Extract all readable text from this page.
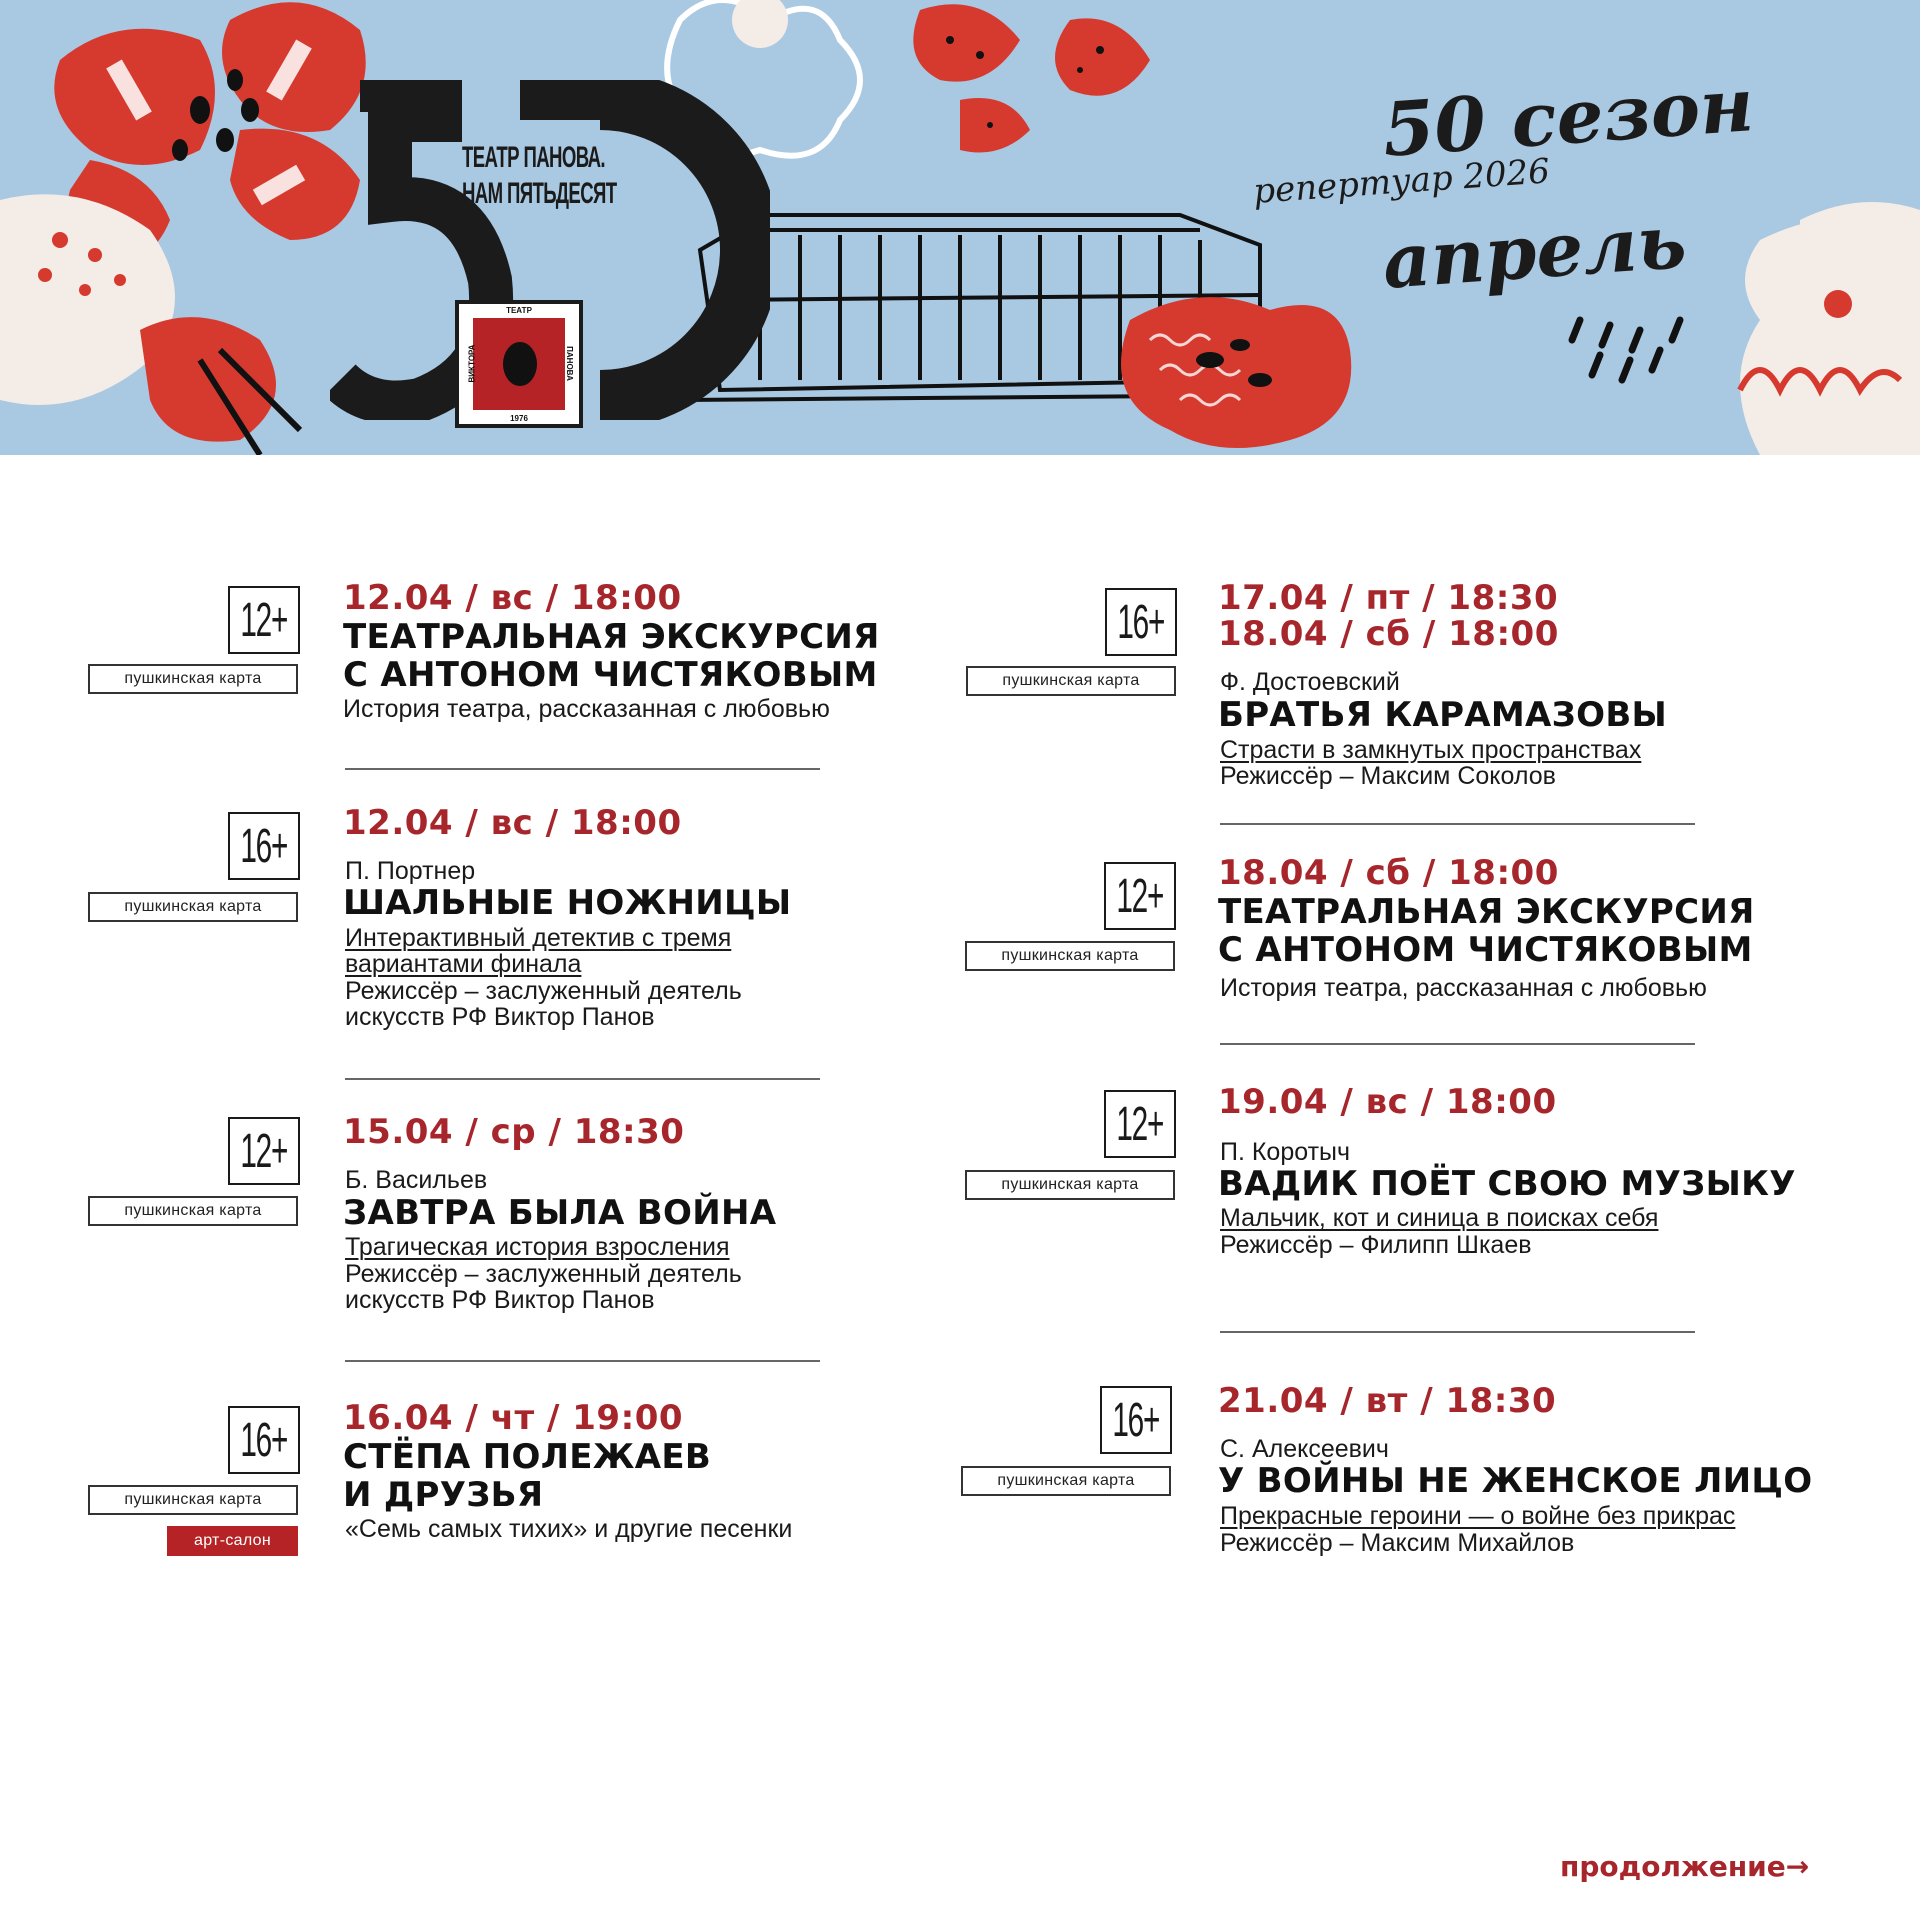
ТЕАТР ПАНОВА.
НАМ ПЯТЬДЕСЯТ
ТЕАТР
ВИКТОРА	ПАНОВА
1976
50 сезон
репертуар 2026
апрель
12+
пушкинская карта
12.04 / вс / 18:00
ТЕАТРАЛЬНАЯ ЭКСКУРСИЯ
С АНТОНОМ ЧИСТЯКОВЫМ
История театра, рассказанная с любовью
16+
пушкинская карта
12.04 / вс / 18:00
П. Портнер
ШАЛЬНЫЕ НОЖНИЦЫ
Интерактивный детектив с тремя
вариантами финала
Режиссёр – заслуженный деятель
искусств РФ Виктор Панов
12+
пушкинская карта
15.04 / ср / 18:30
Б. Васильев
ЗАВТРА БЫЛА ВОЙНА
Трагическая история взросления
Режиссёр – заслуженный деятель
искусств РФ Виктор Панов
16+
пушкинская карта
арт-салон
16.04 / чт / 19:00
СТЁПА ПОЛЕЖАЕВ
И ДРУЗЬЯ
«Семь самых тихих» и другие песенки
16+
пушкинская карта
17.04 / пт / 18:30
18.04 / сб / 18:00
Ф. Достоевский
БРАТЬЯ КАРАМАЗОВЫ
Страсти в замкнутых пространствах
Режиссёр – Максим Соколов
12+
пушкинская карта
18.04 / сб / 18:00
ТЕАТРАЛЬНАЯ ЭКСКУРСИЯ
С АНТОНОМ ЧИСТЯКОВЫМ
История театра, рассказанная с любовью
12+
пушкинская карта
19.04 / вс / 18:00
П. Коротыч
ВАДИК ПОЁТ СВОЮ МУЗЫКУ
Мальчик, кот и синица в поисках себя
Режиссёр – Филипп Шкаев
16+
пушкинская карта
21.04 / вт / 18:30
С. Алексеевич
У ВОЙНЫ НЕ ЖЕНСКОЕ ЛИЦО
Прекрасные героини — о войне без прикрас
Режиссёр – Максим Михайлов
продолжение→
